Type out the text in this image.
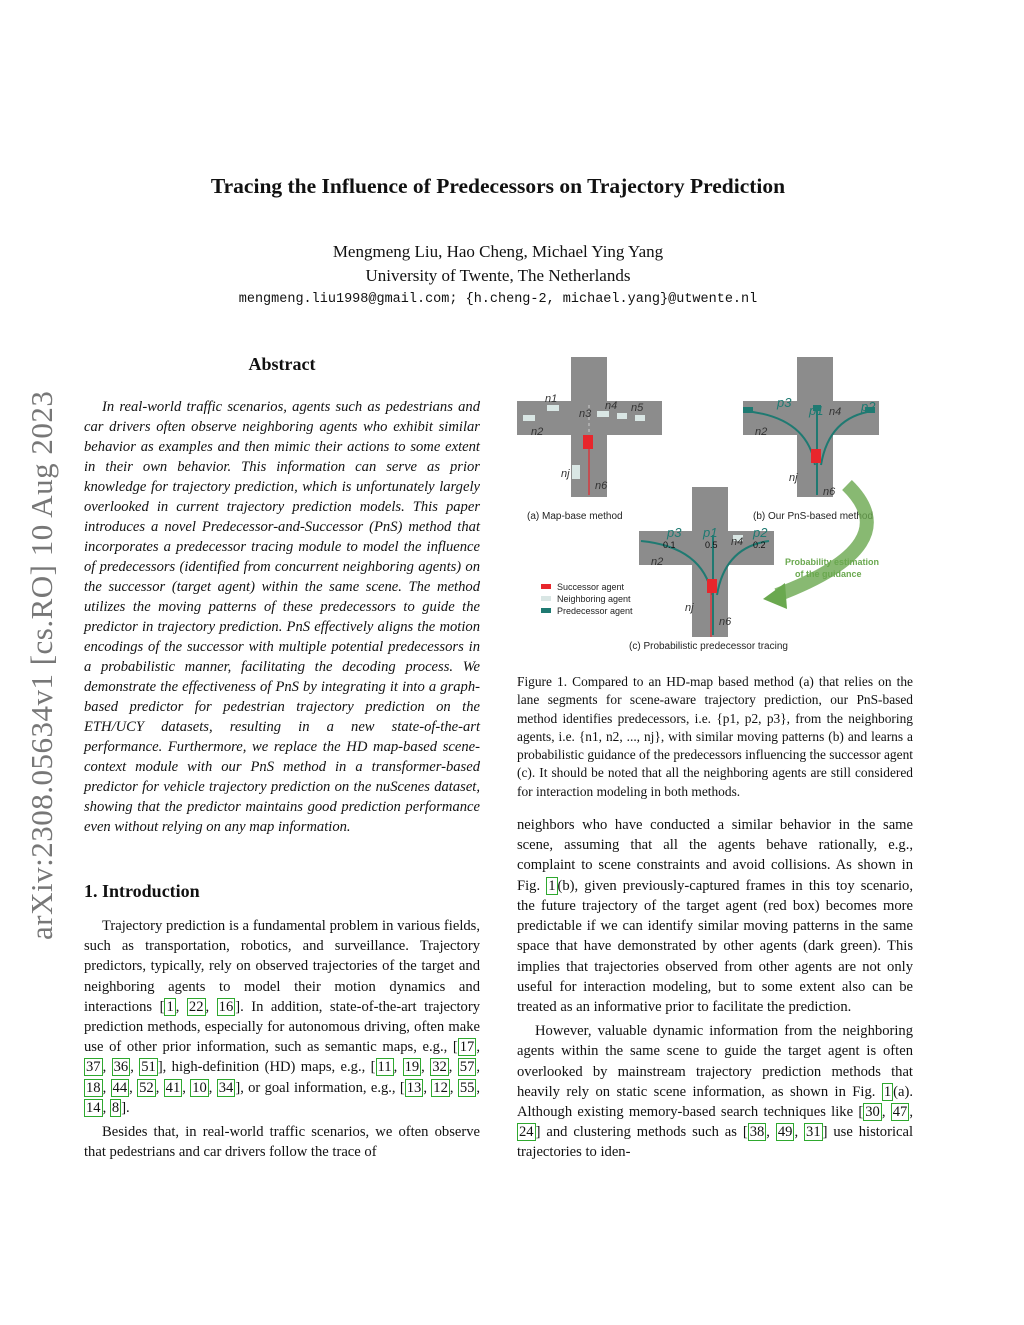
Tracing the Influence of Predecessors on Trajectory Prediction
Mengmeng Liu, Hao Cheng, Michael Ying Yang
University of Twente, The Netherlands
mengmeng.liu1998@gmail.com; {h.cheng-2, michael.yang}@utwente.nl
arXiv:2308.05634v1 [cs.RO] 10 Aug 2023
Abstract

In real-world traffic scenarios, agents such as pedestrians and car drivers often observe neighboring agents who exhibit similar behavior as examples and then mimic their actions to some extent in their own behavior. This information can serve as prior knowledge for trajectory prediction, which is unfortunately largely overlooked in current trajectory prediction models. This paper introduces a novel Predecessor-and-Successor (PnS) method that incorporates a predecessor tracing module to model the influence of predecessors (identified from concurrent neighboring agents) on the successor (target agent) within the same scene. The method utilizes the moving patterns of these predecessors to guide the predictor in trajectory prediction. PnS effectively aligns the motion encodings of the successor with multiple potential predecessors in a probabilistic manner, facilitating the decoding process. We demonstrate the effectiveness of PnS by integrating it into a graph-based predictor for pedestrian trajectory prediction on the ETH/UCY datasets, resulting in a new state-of-the-art performance. Furthermore, we replace the HD map-based scene-context module with our PnS method in a transformer-based predictor for vehicle trajectory prediction on the nuScenes dataset, showing that the predictor maintains good prediction performance even without relying on any map information.

1. Introduction

Trajectory prediction is a fundamental problem in various fields, such as transportation, robotics, and surveillance. Trajectory predictors, typically, rely on observed trajectories of the target and neighboring agents to model their motion dynamics and interactions [ 1 , 22 , 16 ]. In addition, state-of-the-art trajectory prediction methods, especially for autonomous driving, often make use of other prior information, such as semantic maps, e.g., [ 17 , 37 , 36 , 51 ], high-definition (HD) maps, e.g., [ 11 , 19 , 32 , 57 , 18 , 44 , 52 , 41 , 10 , 34 ], or goal information, e.g., [ 13 , 12 , 55 , 14 , 8 ].

Besides that, in real-world traffic scenarios, we often observe that pedestrians and car drivers follow the trace of

n1
n2
n3
n4 n5
nj
n6
(a) Map-base method
p3
p1	p2
n4
n2
nj
n6
(b) Our PnS-based method
Probability estimation
of the guidance
p3 p1	p2
0.1	0.5	0.2
n4
n2
nj
n6
Successor agent
Neighboring agent
Predecessor agent
(c) Probabilistic predecessor tracing

Figure 1. Compared to an HD-map based method (a) that relies on the lane segments for scene-aware trajectory prediction, our PnS-based method identifies predecessors, i.e. {p1, p2, p3}, from the neighboring agents, i.e. {n1, n2, ..., nj}, with similar moving patterns (b) and learns a probabilistic guidance of the predecessors influencing the successor agent (c). It should be noted that all the neighboring agents are still considered for interaction modeling in both methods.

neighbors who have conducted a similar behavior in the same scene, assuming that all the agents behave rationally, e.g., complaint to scene constraints and avoid collisions. As shown in Fig. 1 (b), given previously-captured frames in this toy scenario, the future trajectory of the target agent (red box) becomes more predictable if we can identify similar moving patterns in the same space that have demonstrated by other agents (dark green). This implies that trajectories observed from other agents are not only useful for interaction modeling, but to some extent also can be treated as an informative prior to facilitate the prediction.

However, valuable dynamic information from the neighboring agents within the same scene to guide the target agent is often overlooked by mainstream trajectory prediction methods that heavily rely on static scene information, as shown in Fig. 1 (a). Although existing memory-based search techniques like [ 30 , 47 , 24 ] and clustering methods such as [ 38 , 49 , 31 ] use historical trajectories to iden-
